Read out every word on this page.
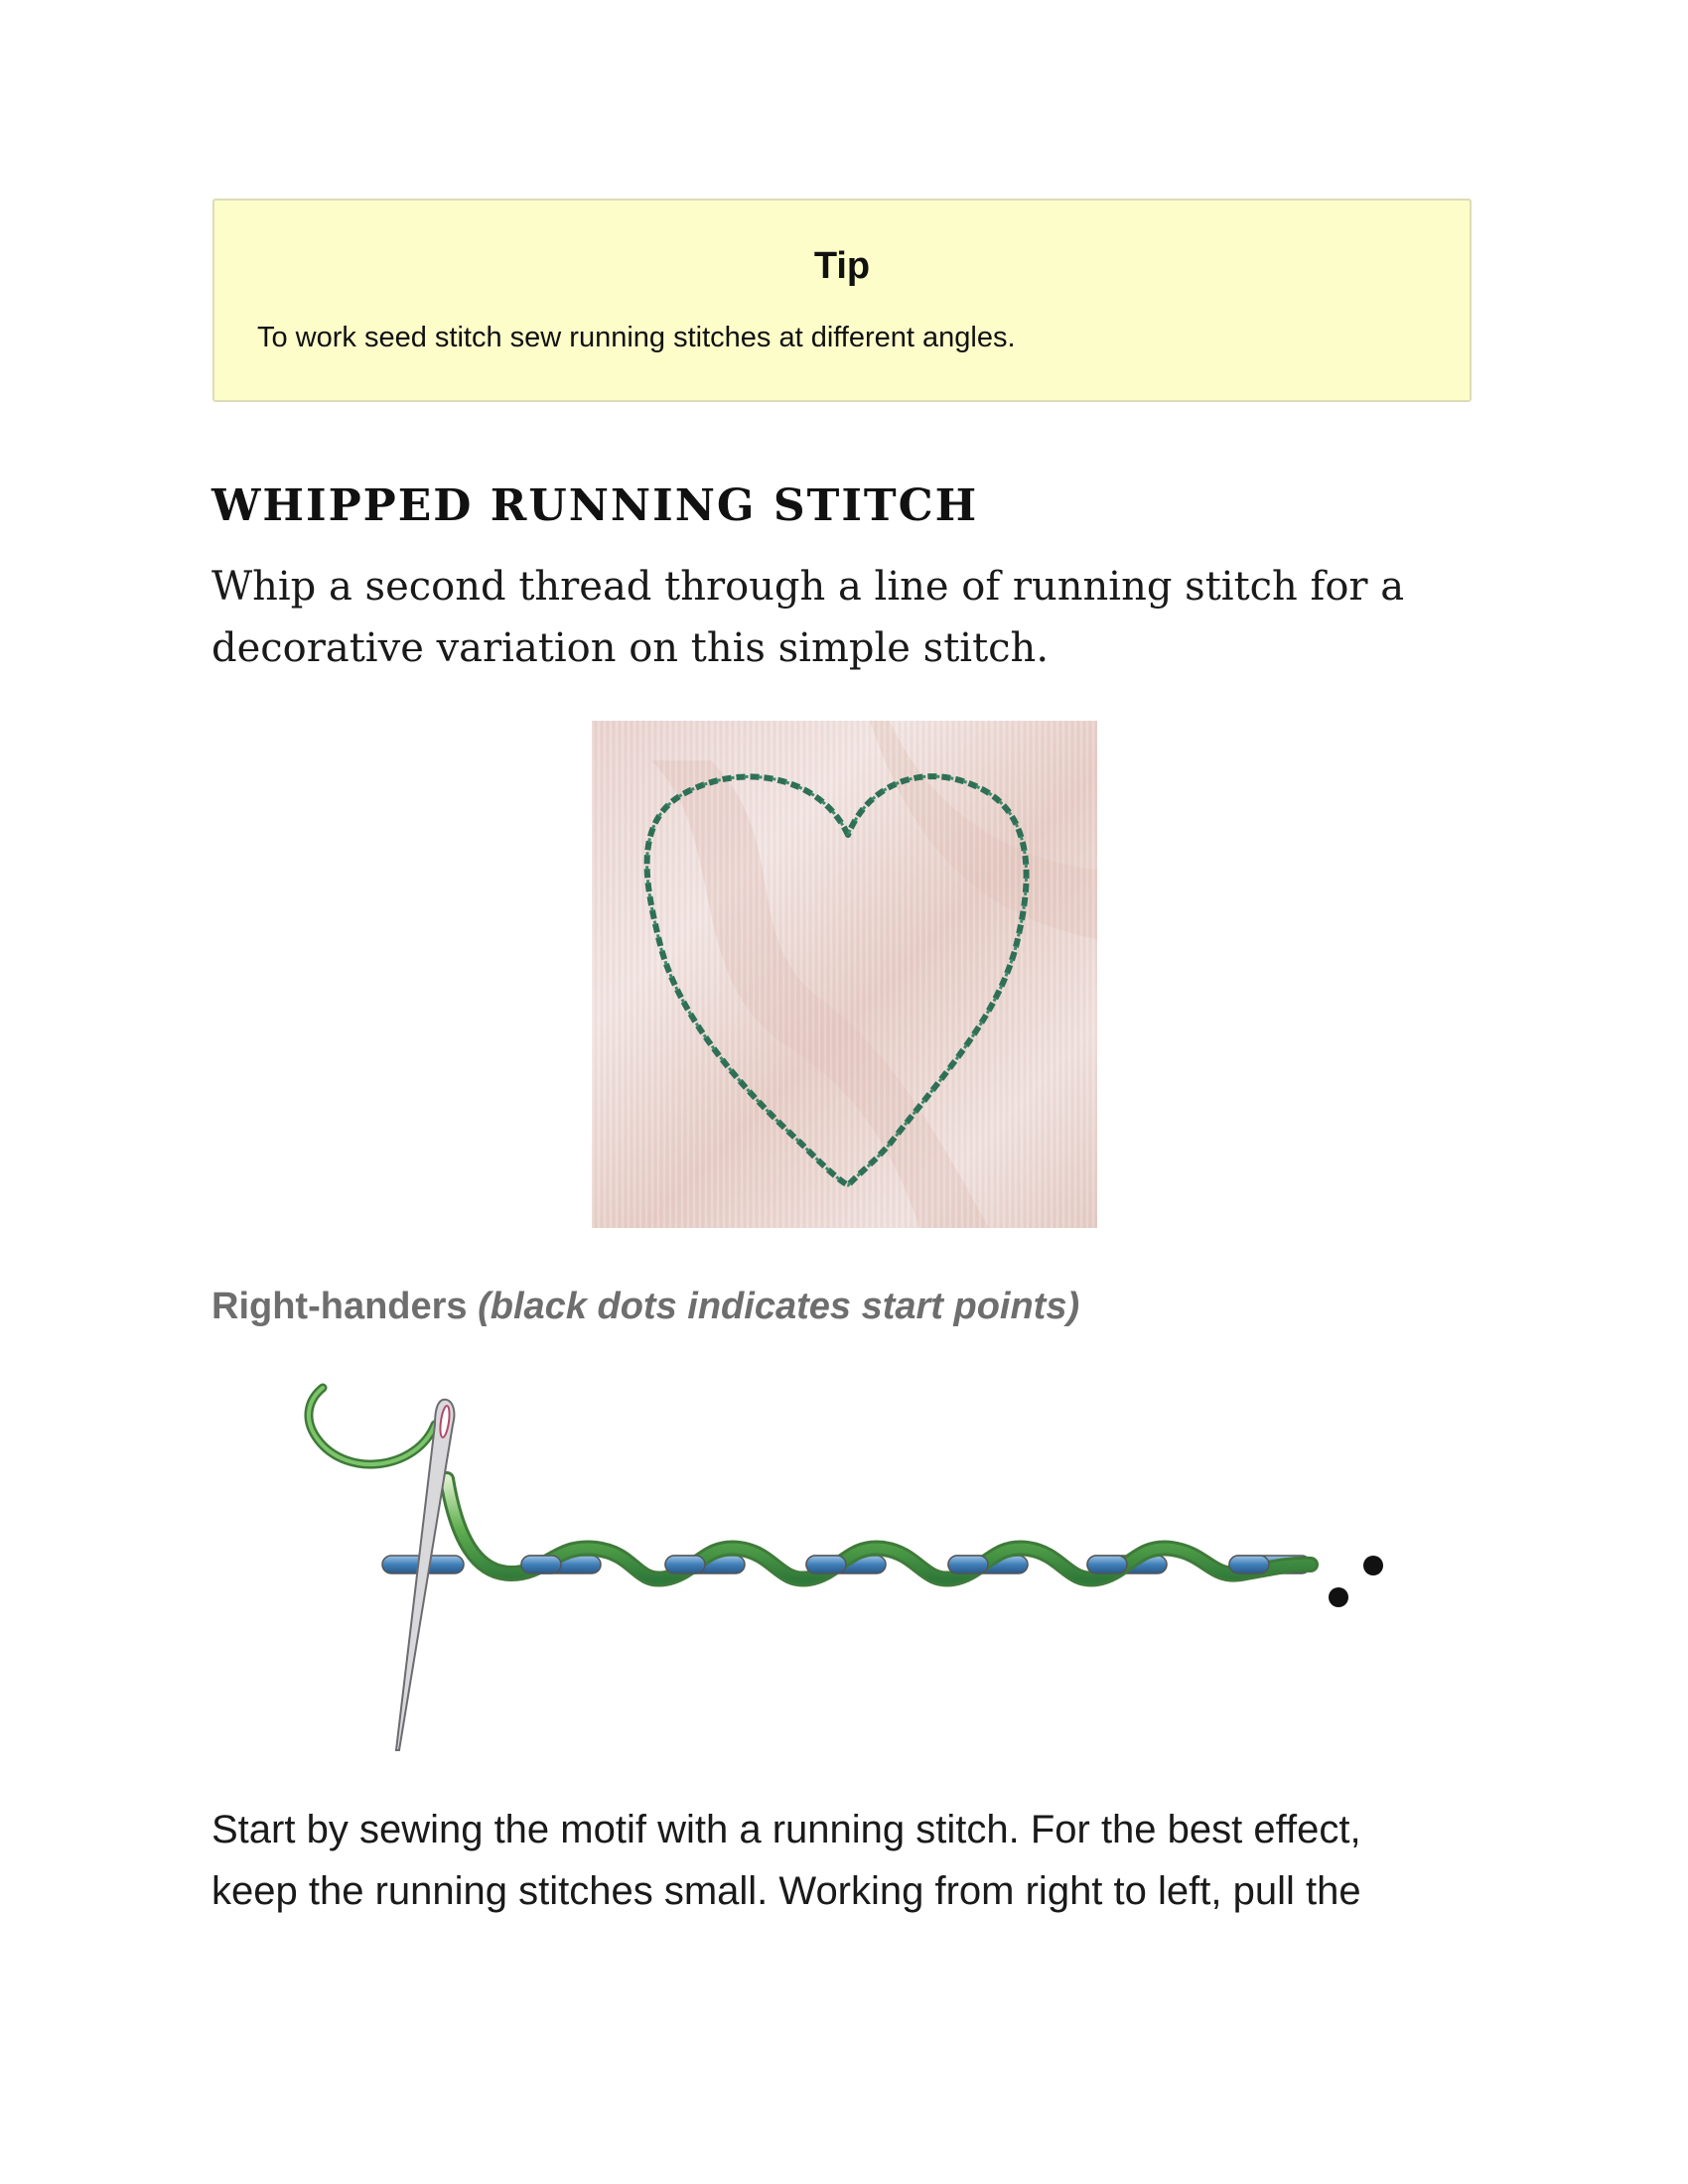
Tip
To work seed stitch sew running stitches at different angles.
WHIPPED RUNNING STITCH
Whip a second thread through a line of running stitch for a
decorative variation on this simple stitch.
Right-handers (black dots indicates start points)
Start by sewing the motif with a running stitch. For the best effect,
keep the running stitches small. Working from right to left, pull the
